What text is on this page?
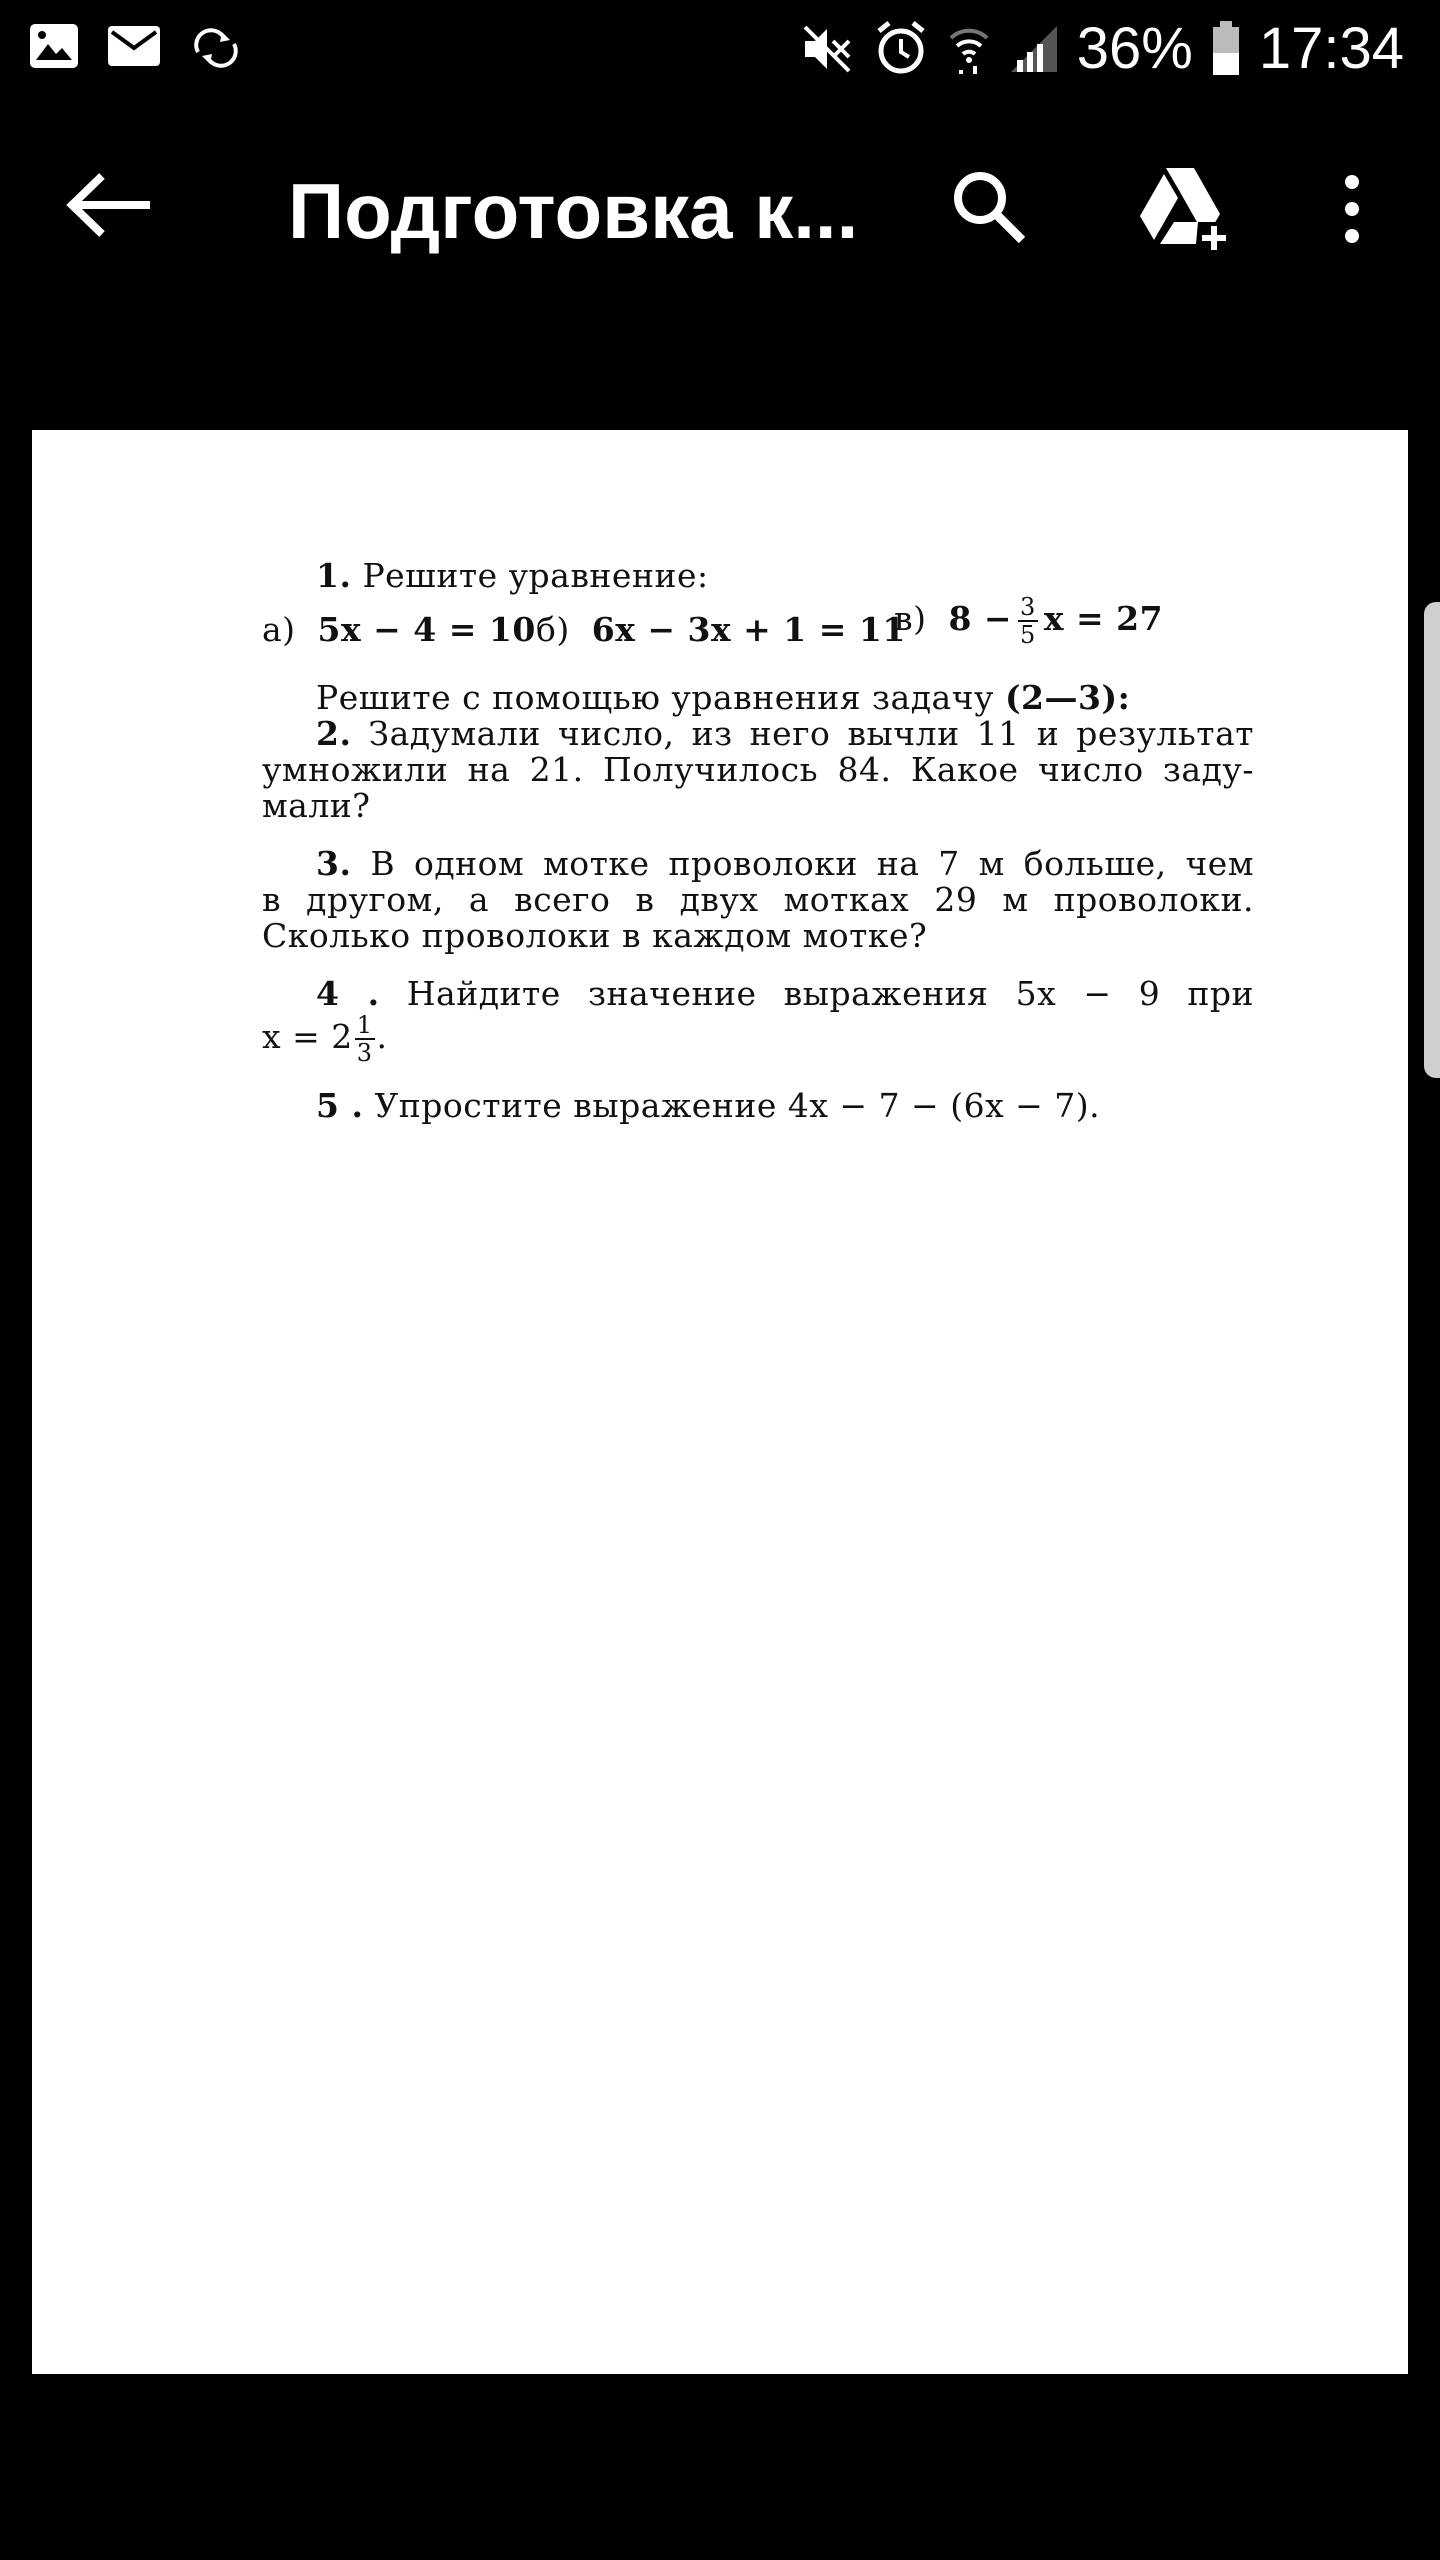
36% 17:34
Подготовка к...
1. Решите уравнение:
а) 5x − 4 = 10 б) 6x − 3x + 1 = 11
в) $8 - \frac{3}{5}$ x = 27
Решите с помощью уравнения задачу (2—3):
2. Задумали число, из него вычли 11 и результат
умножили на 21. Получилось 84. Какое число заду-
мали?
3. В одном мотке проволоки на 7 м больше, чем
в другом, а всего в двух мотках 29 м проволоки.
Сколько проволоки в каждом мотке?
4 . Найдите значение выражения 5x − 9 при
$x = 2 \frac{1}{3}$ .
5 . Упростите выражение 4x − 7 − (6x − 7).
